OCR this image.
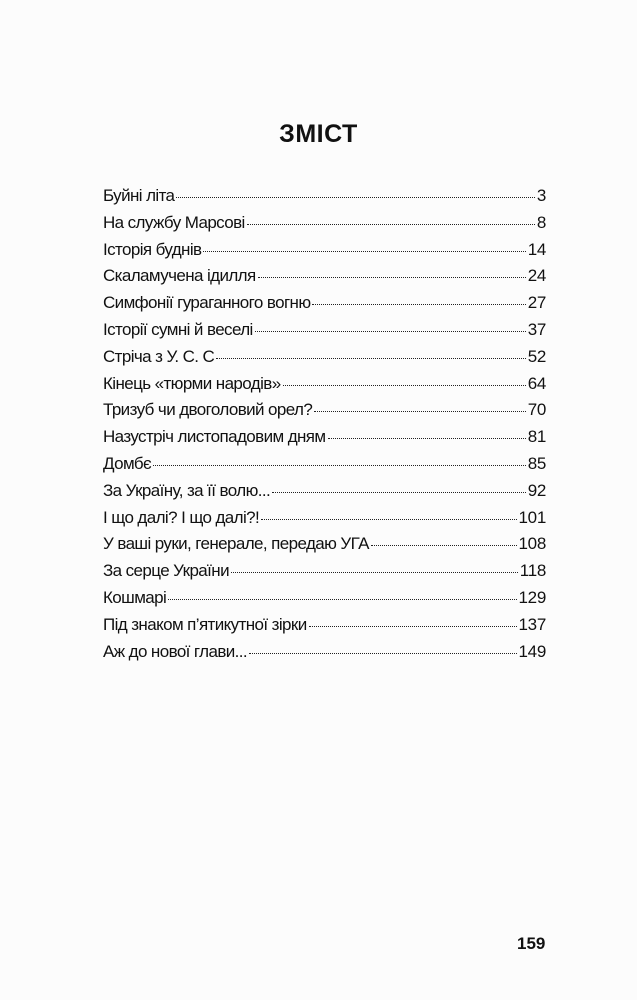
ЗМІСТ
Буйні літа	3
На службу Марсові	8
Історія буднів	14
Скаламучена ідилля	24
Симфонії гураганного вогню	27
Історії сумні й веселі	37
Стріча з У. С. С	52
Кінець «тюрми народів»	64
Тризуб чи двоголовий орел?	70
Назустріч листопадовим дням	81
Домбє	85
За Україну, за її волю...	92
І що далі? І що далі?!	101
У ваші руки, генерале, передаю УГА	108
За серце України	118
Кошмарі	129
Під знаком п’ятикутної зірки	137
Аж до нової глави...	149
159
